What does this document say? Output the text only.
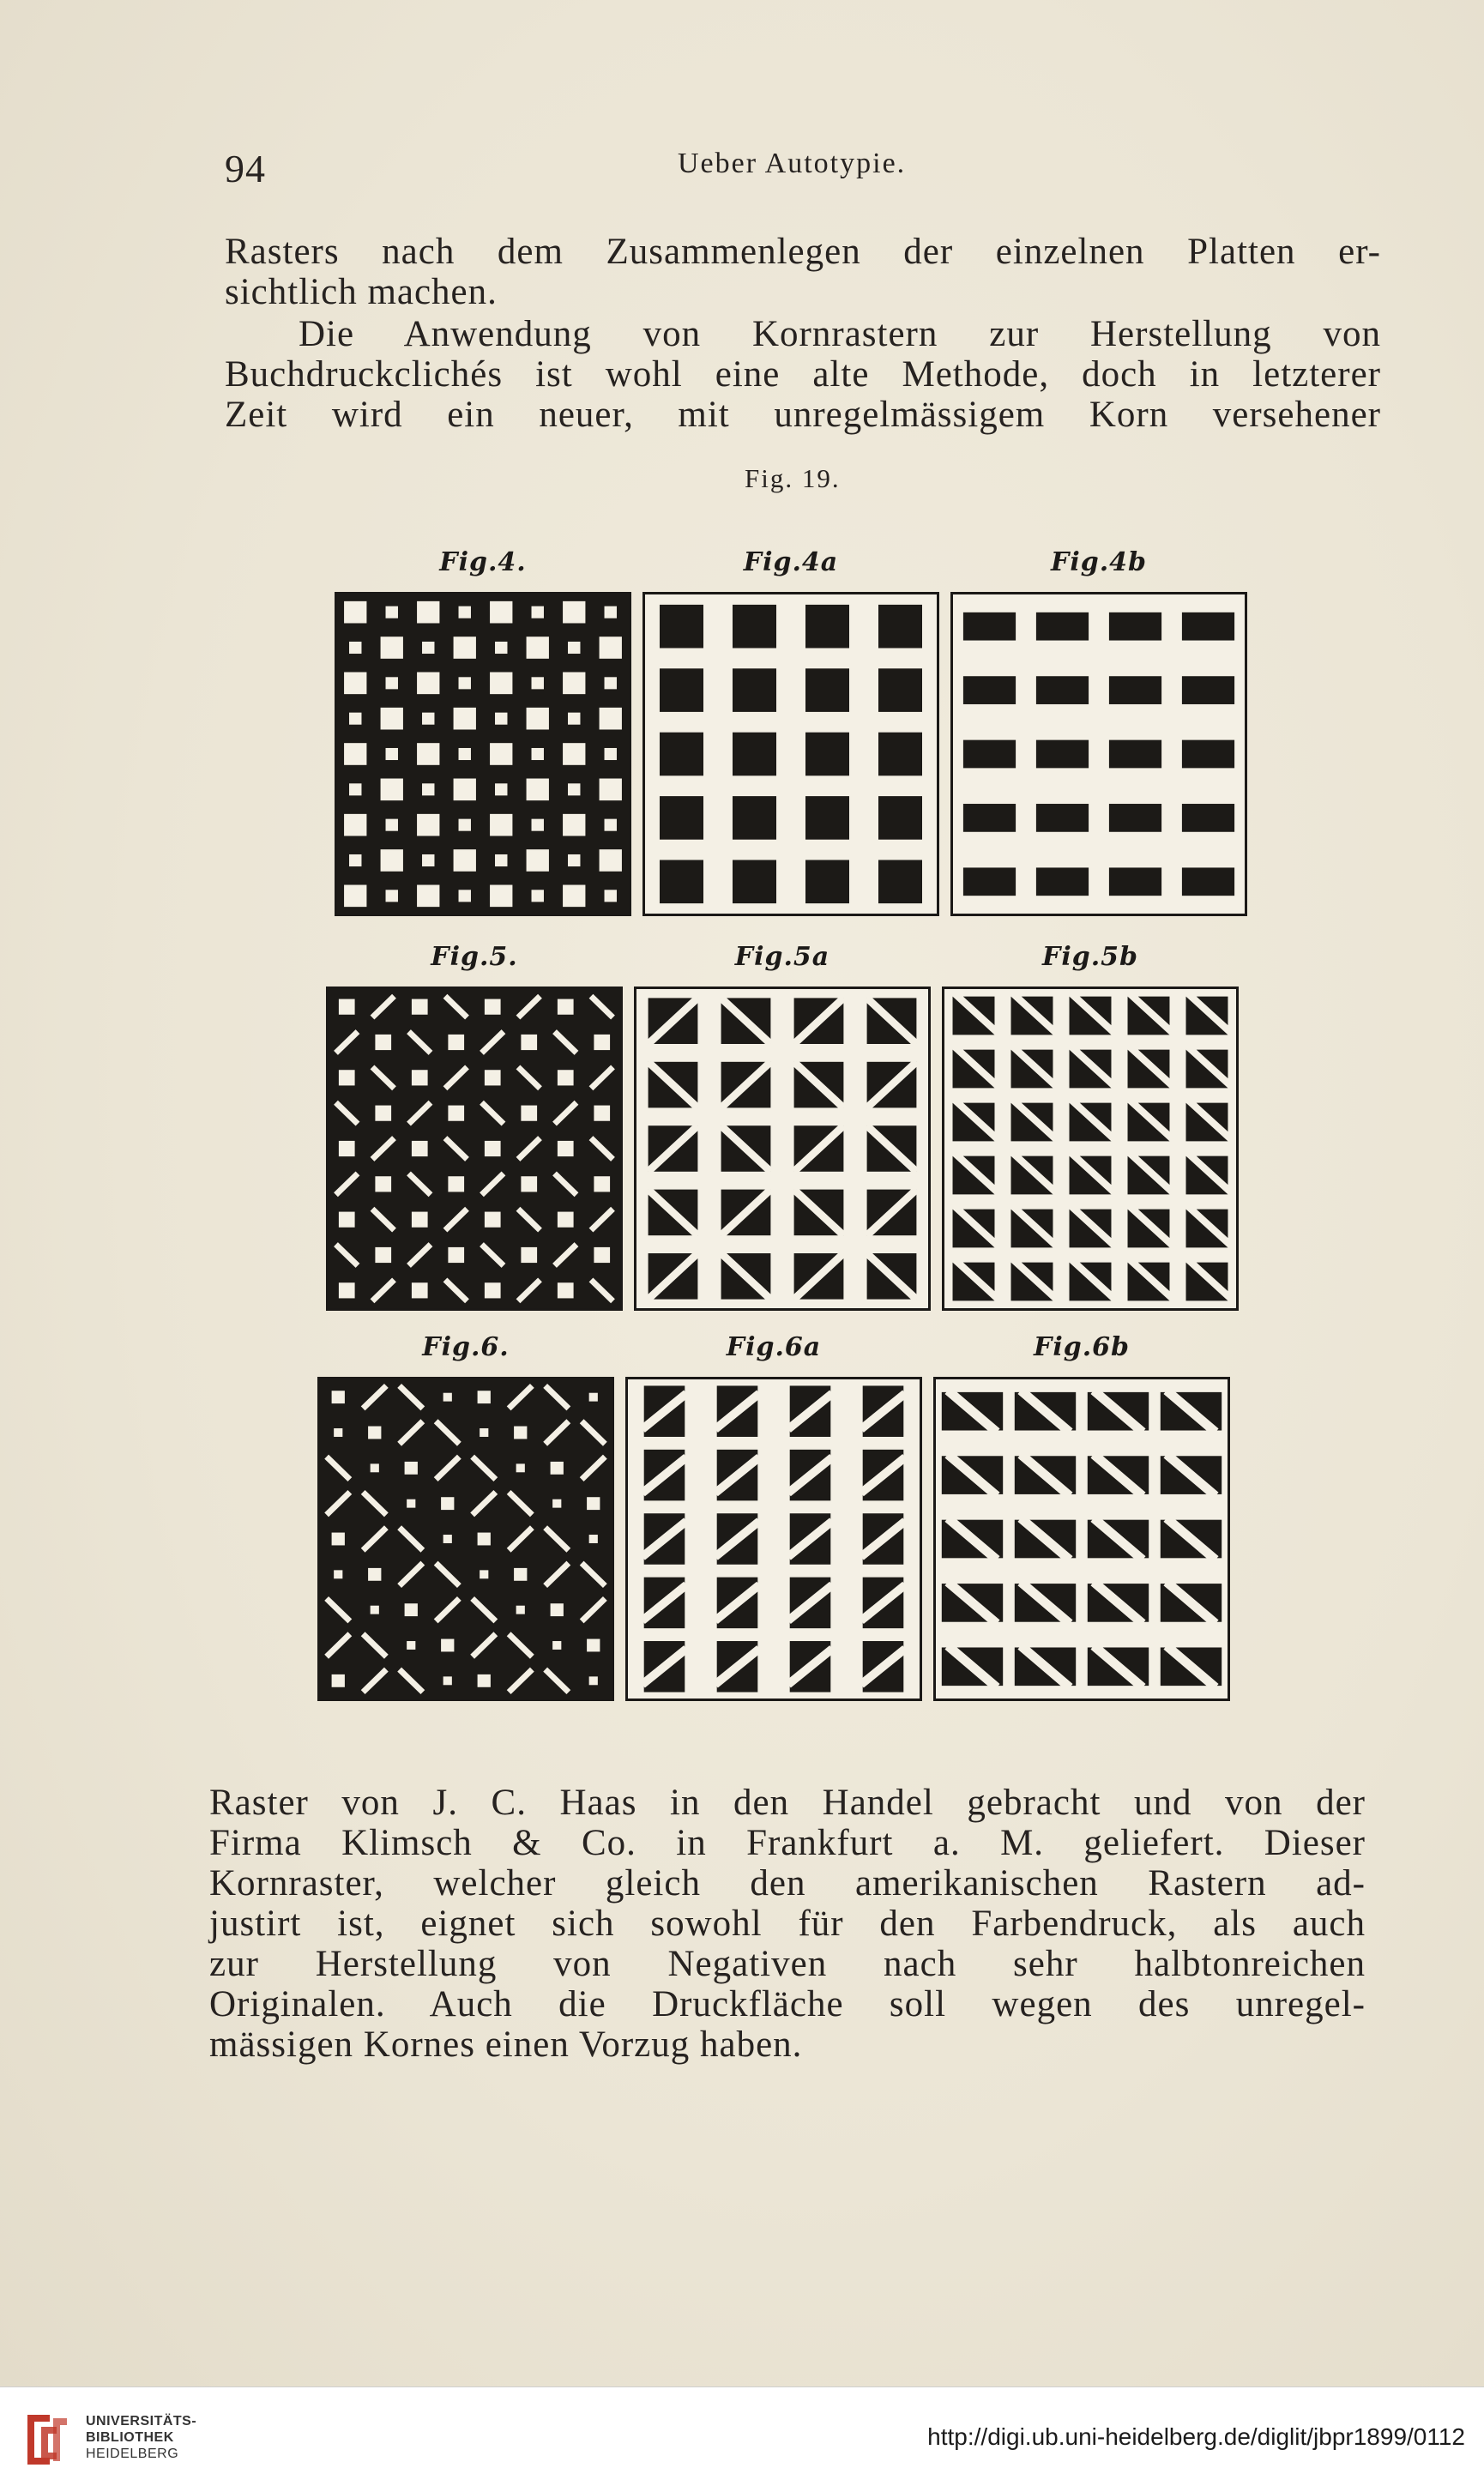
94	Ueber Autotypie.
Rasters nach dem Zusammenlegen der einzelnen Platten er-
sichtlich machen.
Die Anwendung von Kornrastern zur Herstellung von
Buchdruckclichés ist wohl eine alte Methode, doch in letzterer
Zeit wird ein neuer, mit unregelmässigem Korn versehener
Fig. 19.
Fig.4.	Fig.4a	Fig.4b
Fig.5.	Fig.5a	Fig.5b
Fig.6.	Fig.6a	Fig.6b
Raster von J. C. Haas in den Handel gebracht und von der
Firma Klimsch & Co. in Frankfurt a. M. geliefert. Dieser
Kornraster, welcher gleich den amerikanischen Rastern ad-
justirt ist, eignet sich sowohl für den Farbendruck, als auch
zur Herstellung von Negativen nach sehr halbtonreichen
Originalen. Auch die Druckfläche soll wegen des unregel-
mässigen Kornes einen Vorzug haben.
UNIVERSITÄTS-
BIBLIOTHEK
HEIDELBERG
http://digi.ub.uni-heidelberg.de/diglit/jbpr1899/0112
